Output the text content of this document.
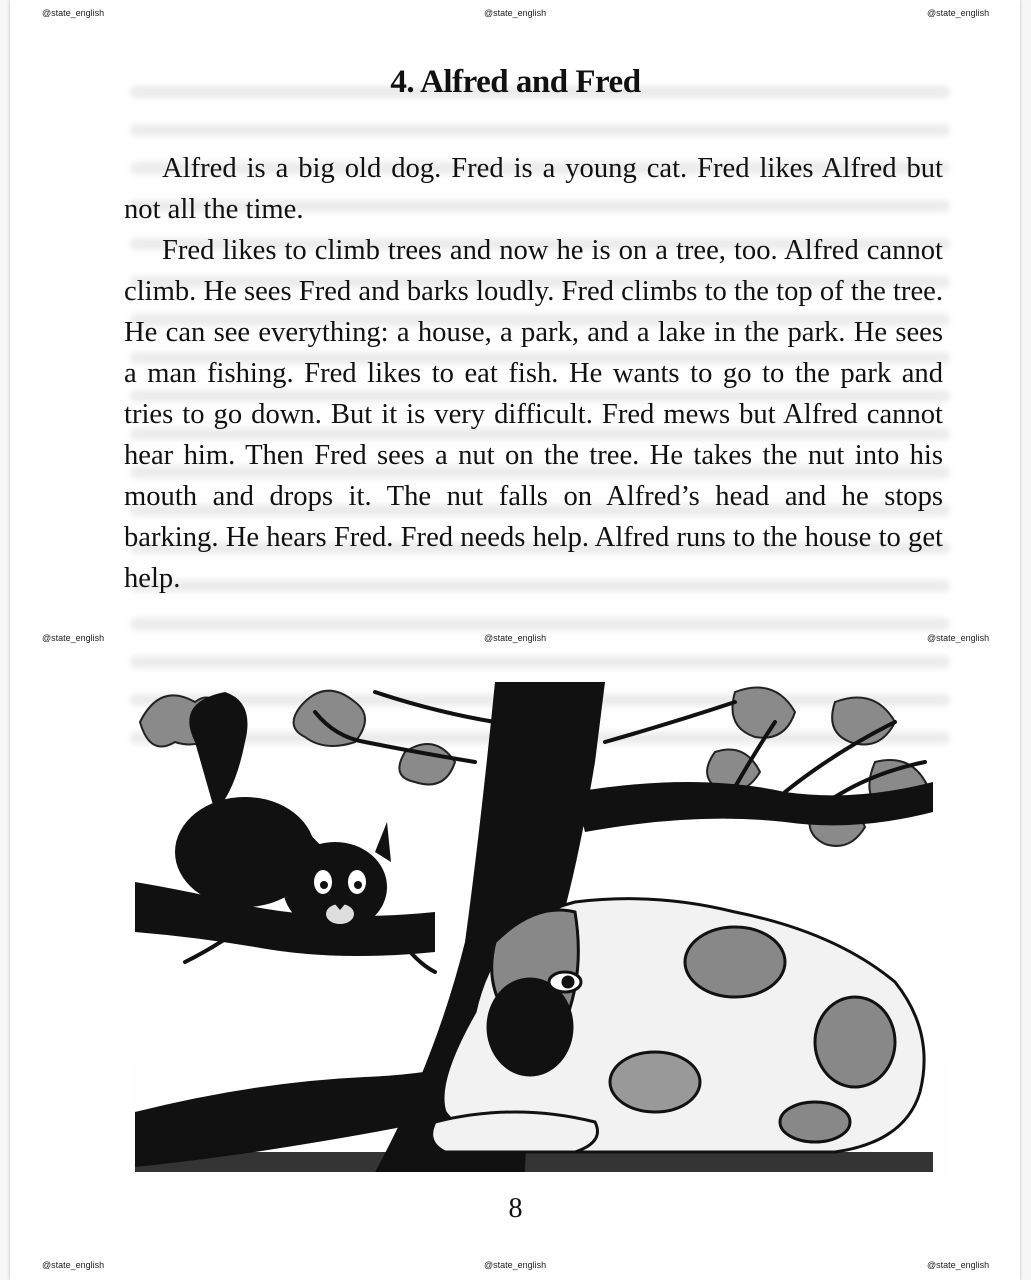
@state_english	@state_english	@state_english
@state_english	@state_english	@state_english
@state_english	@state_english	@state_english
4. Alfred and Fred

Alfred is a big old dog. Fred is a young cat. Fred likes Alfred but not all the time.

Fred likes to climb trees and now he is on a tree, too. Alfred cannot climb. He sees Fred and barks loudly. Fred climbs to the top of the tree. He can see everything: a house, a park, and a lake in the park. He sees a man fishing. Fred likes to eat fish. He wants to go to the park and tries to go down. But it is very difficult. Fred mews but Alfred cannot hear him. Then Fred sees a nut on the tree. He takes the nut into his mouth and drops it. The nut falls on Alfred’s head and he stops barking. He hears Fred. Fred needs help. Alfred runs to the house to get help.

8
